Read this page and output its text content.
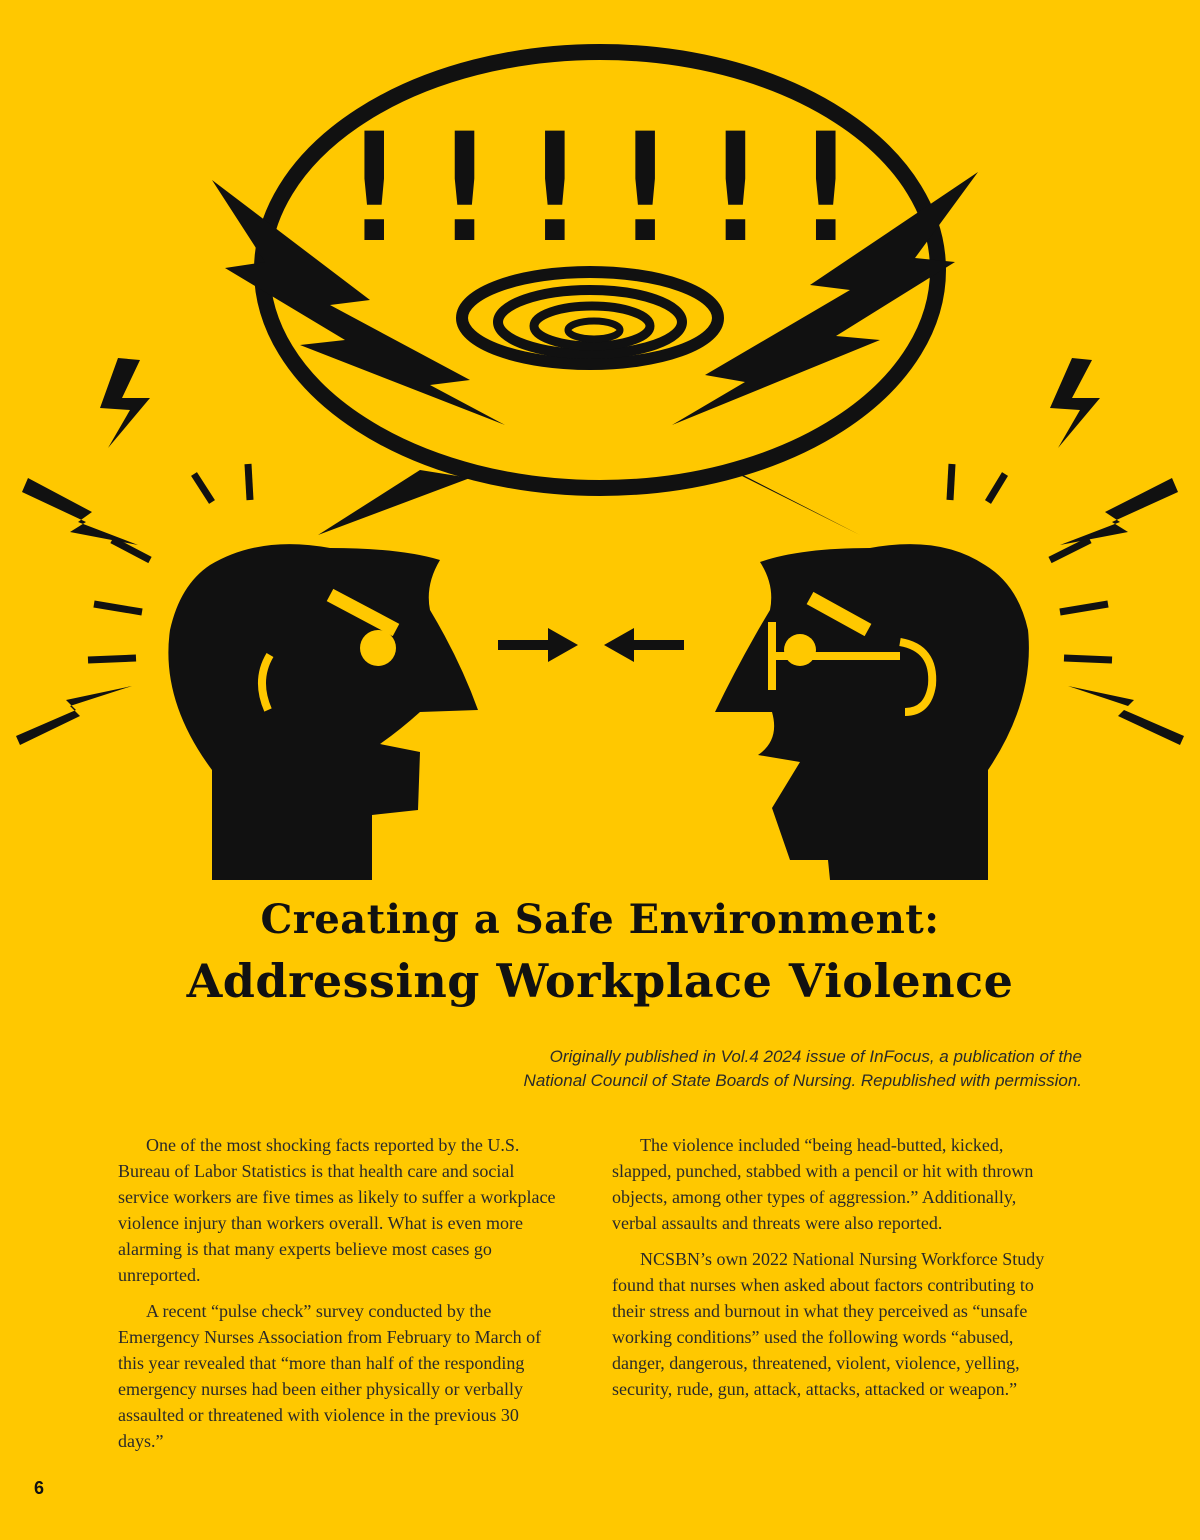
!!!!!!
Creating a Safe Environment:
Addressing Workplace Violence

Originally published in Vol.4 2024 issue of InFocus, a publication of the

National Council of State Boards of Nursing. Republished with permission.

One of the most shocking facts reported by the U.S. Bureau of Labor Statistics is that health care and social service workers are five times as likely to suffer a workplace violence injury than workers overall. What is even more alarming is that many experts believe most cases go unreported.

A recent “pulse check” survey conducted by the Emergency Nurses Association from February to March of this year revealed that “more than half of the responding emergency nurses had been either physically or verbally assaulted or threatened with violence in the previous 30 days.”

The violence included “being head-butted, kicked, slapped, punched, stabbed with a pencil or hit with thrown objects, among other types of aggression.” Additionally, verbal assaults and threats were also reported.

NCSBN’s own 2022 National Nursing Workforce Study found that nurses when asked about factors contributing to their stress and burnout in what they perceived as “unsafe working conditions” used the following words “abused, danger, dangerous, threatened, violent, violence, yelling, security, rude, gun, attack, attacks, attacked or weapon.”

6
